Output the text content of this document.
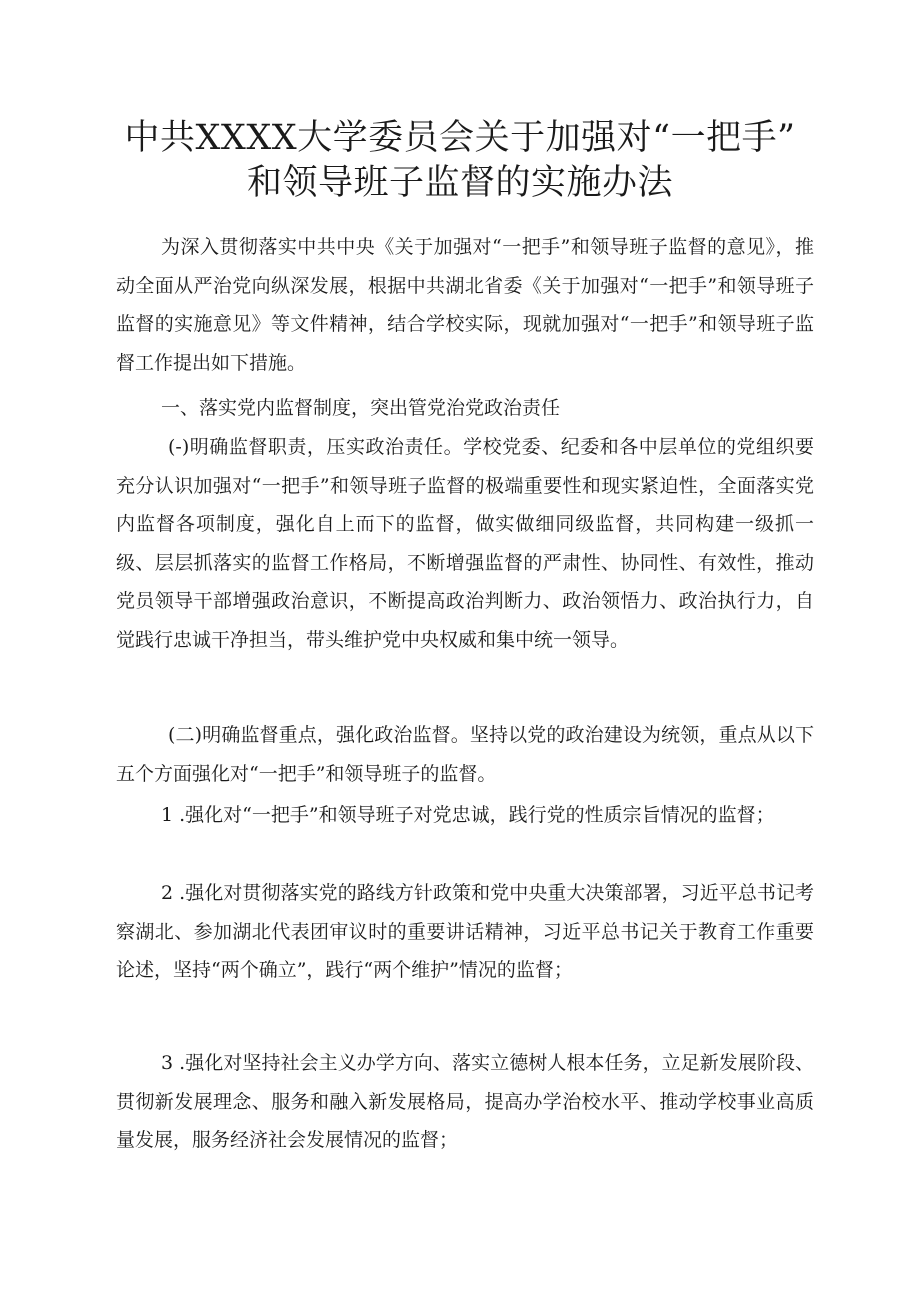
中共XXXX大学委员会关于加强对“一把手”
和领导班子监督的实施办法

为深入贯彻落实中共中央《关于加强对“一把手”和领导班子监督的意见》，推动全面从严治党向纵深发展，根据中共湖北省委《关于加强对“一把手”和领导班子监督的实施意见》等文件精神，结合学校实际，现就加强对“一把手”和领导班子监督工作提出如下措施。

一、落实党内监督制度，突出管党治党政治责任

(-)明确监督职责，压实政治责任。学校党委、纪委和各中层单位的党组织要充分认识加强对“一把手”和领导班子监督的极端重要性和现实紧迫性，全面落实党内监督各项制度，强化自上而下的监督，做实做细同级监督，共同构建一级抓一级、层层抓落实的监督工作格局，不断增强监督的严肃性、协同性、有效性，推动党员领导干部增强政治意识，不断提高政治判断力、政治领悟力、政治执行力，自觉践行忠诚干净担当，带头维护党中央权威和集中统一领导。

(二)明确监督重点，强化政治监督。坚持以党的政治建设为统领，重点从以下五个方面强化对“一把手”和领导班子的监督。

1 .强化对“一把手”和领导班子对党忠诚，践行党的性质宗旨情况的监督；

2 .强化对贯彻落实党的路线方针政策和党中央重大决策部署，习近平总书记考察湖北、参加湖北代表团审议时的重要讲话精神，习近平总书记关于教育工作重要论述，坚持“两个确立”，践行“两个维护”情况的监督；

3 .强化对坚持社会主义办学方向、落实立德树人根本任务，立足新发展阶段、贯彻新发展理念、服务和融入新发展格局，提高办学治校水平、推动学校事业高质量发展，服务经济社会发展情况的监督；
